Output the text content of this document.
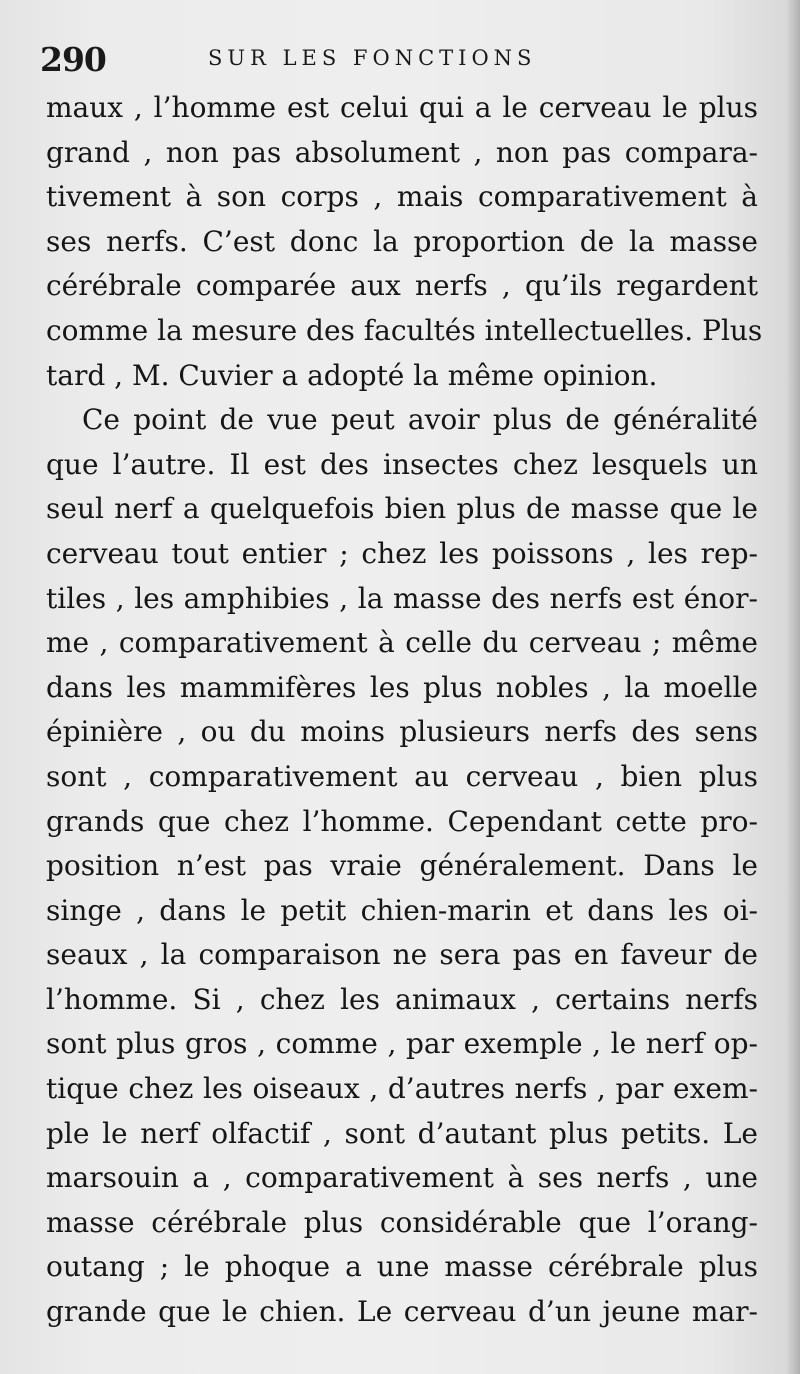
290	SUR LES FONCTIONS
maux , l’homme est celui qui a le cerveau le plus
grand , non pas absolument , non pas compara-
tivement à son corps , mais comparativement à
ses nerfs. C’est donc la proportion de la masse
cérébrale comparée aux nerfs , qu’ils regardent
comme la mesure des facultés intellectuelles. Plus
tard , M. Cuvier a adopté la même opinion.
Ce point de vue peut avoir plus de généralité
que l’autre. Il est des insectes chez lesquels un
seul nerf a quelquefois bien plus de masse que le
cerveau tout entier ; chez les poissons , les rep-
tiles , les amphibies , la masse des nerfs est énor-
me , comparativement à celle du cerveau ; même
dans les mammifères les plus nobles , la moelle
épinière , ou du moins plusieurs nerfs des sens
sont , comparativement au cerveau , bien plus
grands que chez l’homme. Cependant cette pro-
position n’est pas vraie généralement. Dans le
singe , dans le petit chien-marin et dans les oi-
seaux , la comparaison ne sera pas en faveur de
l’homme. Si , chez les animaux , certains nerfs
sont plus gros , comme , par exemple , le nerf op-
tique chez les oiseaux , d’autres nerfs , par exem-
ple le nerf olfactif , sont d’autant plus petits. Le
marsouin a , comparativement à ses nerfs , une
masse cérébrale plus considérable que l’orang-
outang ; le phoque a une masse cérébrale plus
grande que le chien. Le cerveau d’un jeune mar-
